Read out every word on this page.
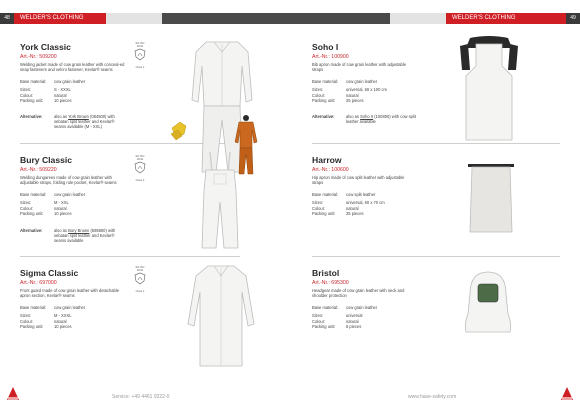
48	WELDER'S CLOTHING	WELDER'S CLOTHING	49
York Classic
Art.-Nr.: 509200
Welding jacket made of cow grain leather with conceal-ed snap fasteners and velcro fastener, Kevlar® seams
Base material: cow grain leather
Sizes:	S - XXXL
Colour:	natural
Packing unit:	10 pieces
Alternative:	also as York Brown (084500) with sebatan split leather and Kevlar® seams available (M - XXL)
EN ISO 11611
Class 2
Bury Classic
Art.-Nr.: 509220
Welding dungarees made of cow grain leather with adjustable straps, folding rule pocket, Kevlar® seams
Base material: cow grain leather
Sizes:	M - XXL
Colour:	natural
Packing unit:	10 pieces
Alternative:	also as Bury Brown (695800) with sebatan split leather and Kevlar® seams available
EN ISO 11611
Class 2
Sigma Classic
Art.-Nr.: 697000
Front guard made of cow grain leather with detachable apron section, Kevlar® seams
Base material: cow grain leather
Sizes:	M - XXXL
Colour:	natural
Packing unit:	10 pieces
EN ISO 11611
Class 2
Soho I
Art.-Nr.: 100900
Bib apron made of cow grain leather with adjustable straps
Base material: cow grain leather
Sizes:	universal, 60 x 100 cm
Colour:	natural
Packing unit:	25 pieces
Alternative:	also as Soho II (100800) with cow split leather available
Harrow
Art.-Nr.: 100600
Hip apron made of cow split leather with adjustable straps
Base material: cow split leather
Sizes:	universal, 60 x 70 cm
Colour:	natural
Packing unit:	25 pieces
Bristol
Art.-Nr.: 695300
Headgear made of cow grain leather with neck and shoulder protection
Base material: cow grain leather
Sizes:	universal
Colour:	natural
Packing unit:	5 pieces
Service: +49 4461 9222-0	www.hase-safety.com
